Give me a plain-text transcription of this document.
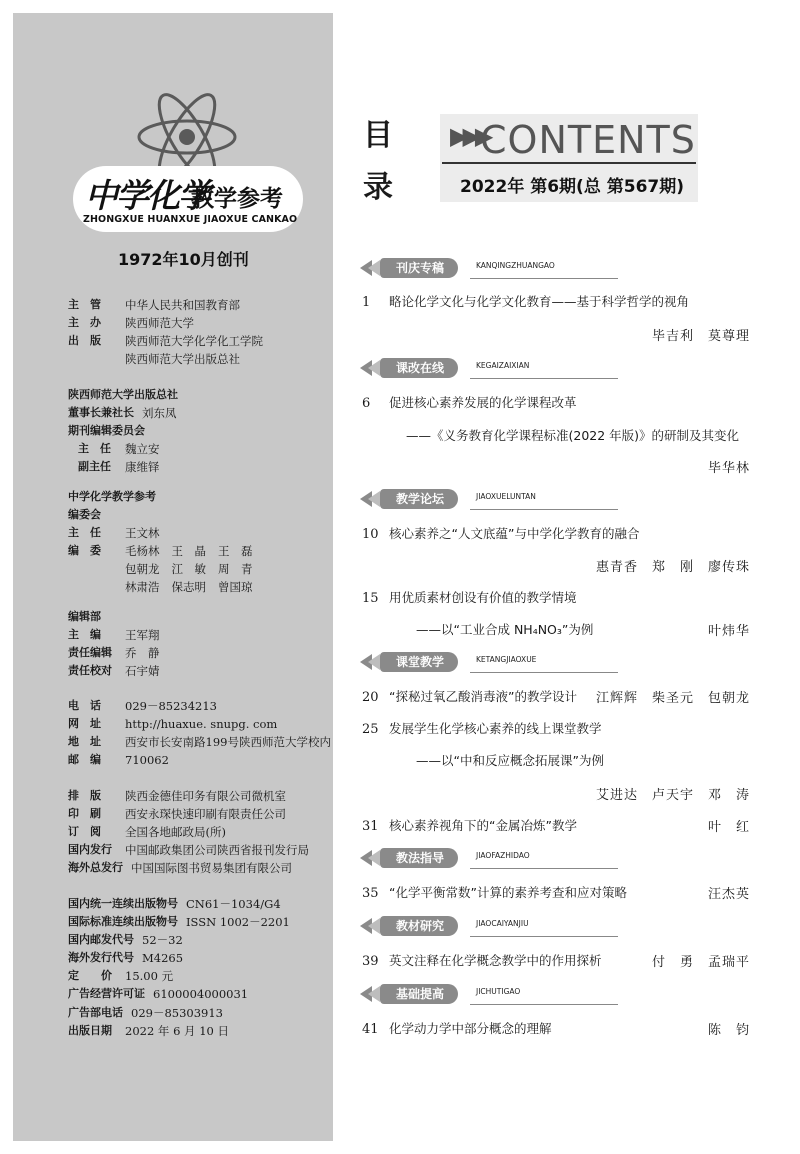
中学化学
教学参考
ZHONGXUE HUANXUE JIAOXUE CANKAO
1972年10月创刊
主　管	中华人民共和国教育部
主　办	陕西师范大学
出　版	陕西师范大学化学化工学院
陕西师范大学出版总社
陕西师范大学出版总社
董事长兼社长 刘东凤
期刊编辑委员会
主　任	魏立安
副主任	康维铎
中学化学教学参考
编委会
主　任	王文林
编　委	毛杨林 王　晶 王　磊
包朝龙 江　敏 周　青
林肃浩 保志明 曾国琼
编辑部
主　编	王军翔
责任编辑	乔　静
责任校对	石宇婧
电　话	029－85234213
网　址	http://huaxue. snupg. com
地　址	西安市长安南路199号陕西师范大学校内
邮　编	710062
排　版	陕西金德佳印务有限公司微机室
印　刷	西安永琛快速印刷有限责任公司
订　阅	全国各地邮政局(所)
国内发行	中国邮政集团公司陕西省报刊发行局
海外总发行 中国国际图书贸易集团有限公司
国内统一连续出版物号 CN61－1034/G4
国际标准连续出版物号 ISSN 1002－2201
国内邮发代号 52－32
海外发行代号 M4265
定　　价	15.00 元
广告经营许可证 6100004000031
广告部电话 029－85303913
出版日期	2022 年 6 月 10 日
目
录
▶▶▶
CONTENTS
2022年 第6期(总 第567期)
刊庆专稿	KANQINGZHUANGAO
1 略论化学文化与化学文化教育——基于科学哲学的视角
毕吉利　莫尊理
课改在线	KEGAIZAIXIAN
6 促进核心素养发展的化学课程改革
——《义务教育化学课程标准(2022 年版)》的研制及其变化
毕华林
教学论坛	JIAOXUELUNTAN
10 核心素养之“人文底蕴”与中学化学教育的融合
惠青香　郑　刚　廖传珠
15 用优质素材创设有价值的教学情境
——以“工业合成 NH₄NO₃”为例	叶炜华
课堂教学	KETANGJIAOXUE
20 “探秘过氧乙酸消毒液”的教学设计 江辉辉　柴圣元　包朝龙
25 发展学生化学核心素养的线上课堂教学
——以“中和反应概念拓展课”为例
艾进达　卢天宇　邓　涛
31 核心素养视角下的“金属冶炼”教学	叶　红
教法指导	JIAOFAZHIDAO
35 “化学平衡常数”计算的素养考查和应对策略	汪杰英
教材研究	JIAOCAIYANJIU
39 英文注释在化学概念教学中的作用探析	付　勇　孟瑞平
基础提高	JICHUTIGAO
41 化学动力学中部分概念的理解	陈　钧
